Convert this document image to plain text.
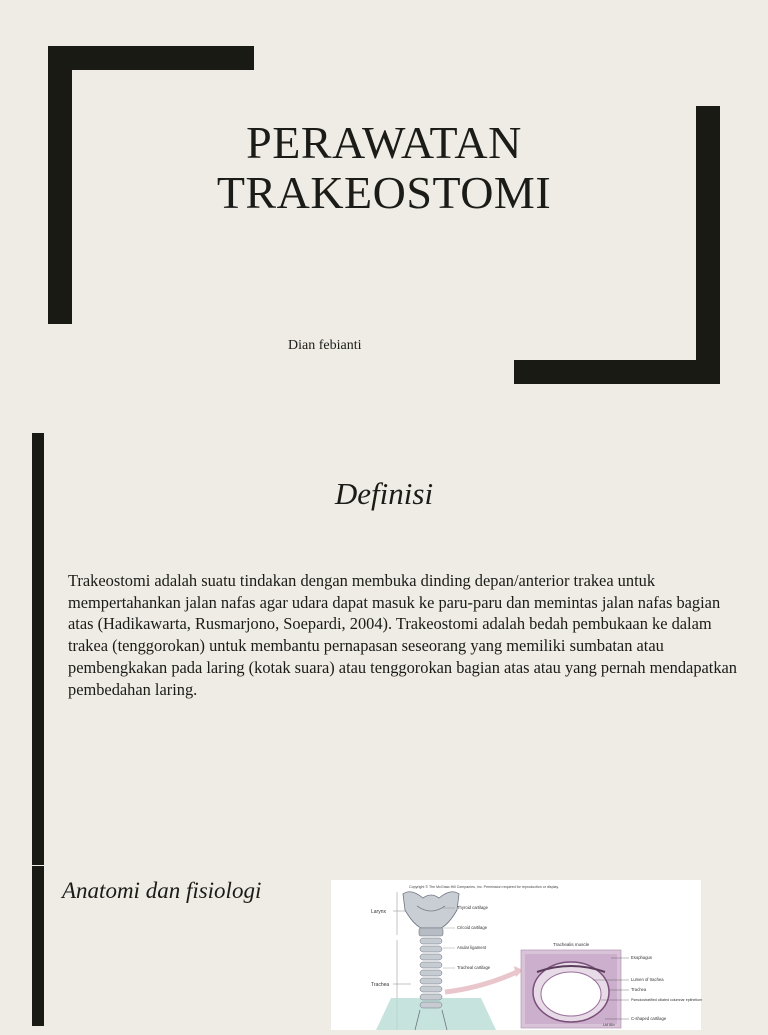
PERAWATAN
TRAKEOSTOMI
Dian febianti
Definisi

Trakeostomi adalah suatu tindakan dengan membuka dinding depan/anterior trakea untuk mempertahankan jalan nafas agar udara dapat masuk ke paru-paru dan memintas jalan nafas bagian atas (Hadikawarta, Rusmarjono, Soepardi, 2004). Trakeostomi adalah bedah pembukaan ke dalam trakea (tenggorokan) untuk membantu pernapasan seseorang yang memiliki sumbatan atau pembengkakan pada laring (kotak suara) atau tenggorokan bagian atas atau yang pernah mendapatkan pembedahan laring.

Anatomi dan fisiologi	Copyright © The McGraw-Hill Companies, Inc. Permission required for reproduction or display.
Larynx
Trachea
Thyroid cartilage
Cricoid cartilage
Anular ligament
Tracheal cartilage
Trachealis muscle
LM 50×
Esophagus
Lumen of trachea
Trachea
Pseudostratified ciliated columnar epithelium
C-shaped cartilage
